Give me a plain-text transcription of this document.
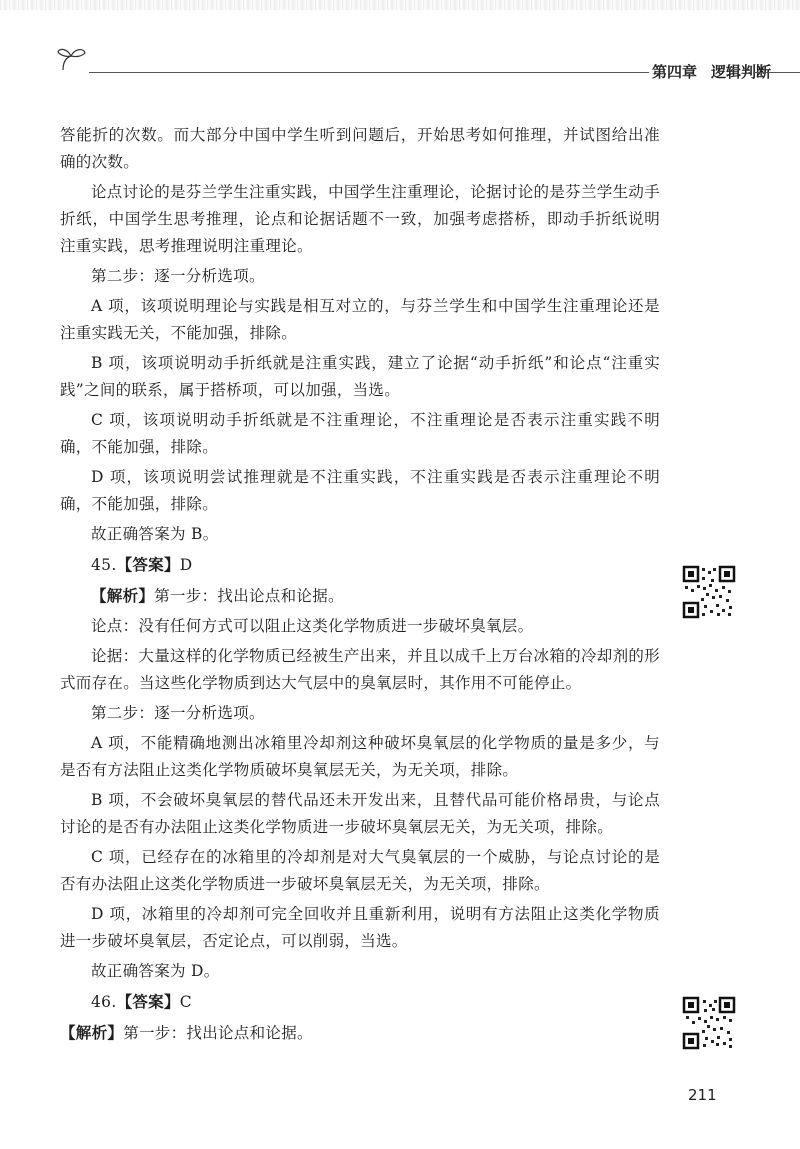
第四章 逻辑判断

答能折的次数。而大部分中国中学生听到问题后，开始思考如何推理，并试图给出准确的次数。

论点讨论的是芬兰学生注重实践，中国学生注重理论，论据讨论的是芬兰学生动手折纸，中国学生思考推理，论点和论据话题不一致，加强考虑搭桥，即动手折纸说明注重实践，思考推理说明注重理论。

第二步：逐一分析选项。

A 项，该项说明理论与实践是相互对立的，与芬兰学生和中国学生注重理论还是注重实践无关，不能加强，排除。

B 项，该项说明动手折纸就是注重实践，建立了论据“动手折纸”和论点“注重实践”之间的联系，属于搭桥项，可以加强，当选。

C 项，该项说明动手折纸就是不注重理论，不注重理论是否表示注重实践不明确，不能加强，排除。

D 项，该项说明尝试推理就是不注重实践，不注重实践是否表示注重理论不明确，不能加强，排除。

故正确答案为 B。

45.【答案】D

【解析】第一步：找出论点和论据。

论点：没有任何方式可以阻止这类化学物质进一步破坏臭氧层。

论据：大量这样的化学物质已经被生产出来，并且以成千上万台冰箱的冷却剂的形式而存在。当这些化学物质到达大气层中的臭氧层时，其作用不可能停止。

第二步：逐一分析选项。

A 项，不能精确地测出冰箱里冷却剂这种破坏臭氧层的化学物质的量是多少，与是否有方法阻止这类化学物质破坏臭氧层无关，为无关项，排除。

B 项，不会破坏臭氧层的替代品还未开发出来，且替代品可能价格昂贵，与论点讨论的是否有办法阻止这类化学物质进一步破坏臭氧层无关，为无关项，排除。

C 项，已经存在的冰箱里的冷却剂是对大气臭氧层的一个威胁，与论点讨论的是否有办法阻止这类化学物质进一步破坏臭氧层无关，为无关项，排除。

D 项，冰箱里的冷却剂可完全回收并且重新利用，说明有方法阻止这类化学物质进一步破坏臭氧层，否定论点，可以削弱，当选。

故正确答案为 D。

46.【答案】C

【解析】第一步：找出论点和论据。

211
